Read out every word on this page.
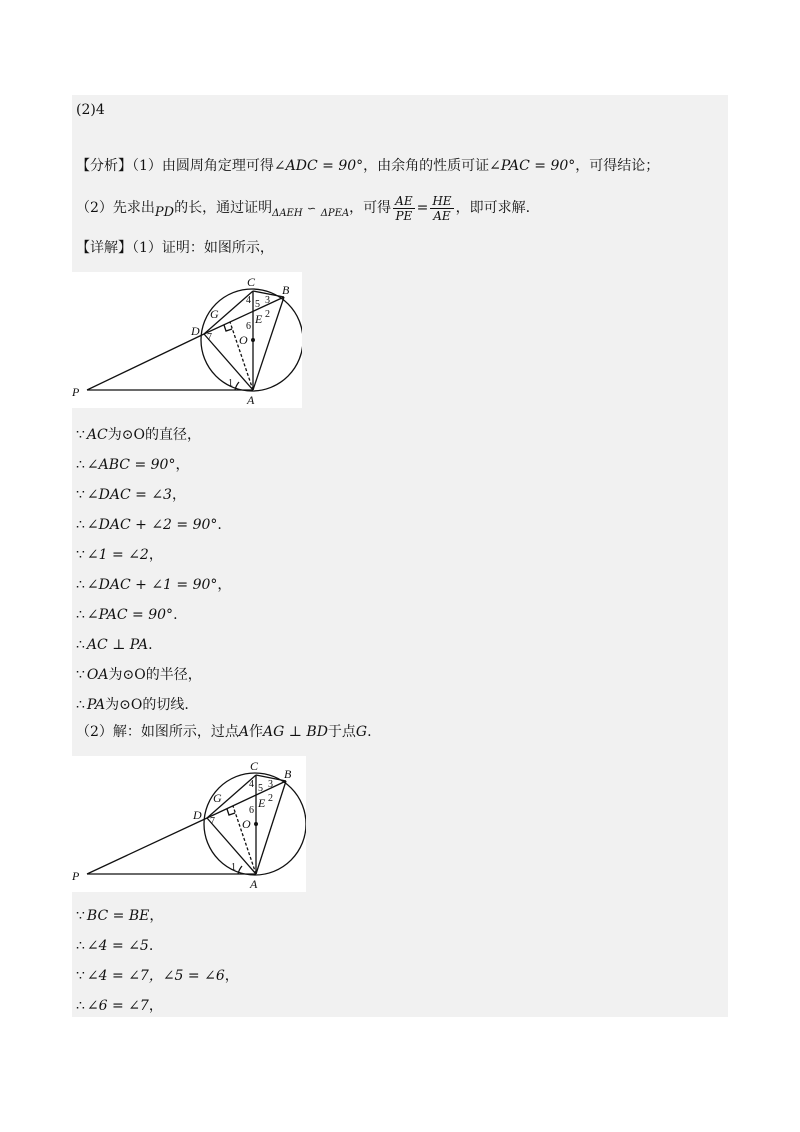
(2)4
【分析】（1）由圆周角定理可得∠ADC = 90°，由余角的性质可证∠PAC = 90°，可得结论；
（2）先求出PD的长，通过证明$_{\Delta AEH}$ ∽ $_{\Delta PEA}$，可得 $\frac{AE}{PE} = \frac{HE}{AE}$ ，即可求解.
【详解】（1）证明：如图所示，
C
B
G
D
E
O
P
A
1
2
3
4 5
6
7
∵ AC为⊙O的直径，
∴ ∠ABC = 90°，
∵ ∠DAC = ∠3，
∴ ∠DAC + ∠2 = 90°.
∵ ∠1 = ∠2，
∴ ∠DAC + ∠1 = 90°，
∴ ∠PAC = 90°.
∴ AC ⊥ PA.
∵ OA为⊙O的半径，
∴ PA为⊙O的切线.
（2）解：如图所示，过点A作AG ⊥ BD于点G.
C
B
G
D
E
O
P
A
1
2
3
4 5
6
7
∵ BC = BE，
∴ ∠4 = ∠5.
∵ ∠4 = ∠7，∠5 = ∠6，
∴ ∠6 = ∠7，
